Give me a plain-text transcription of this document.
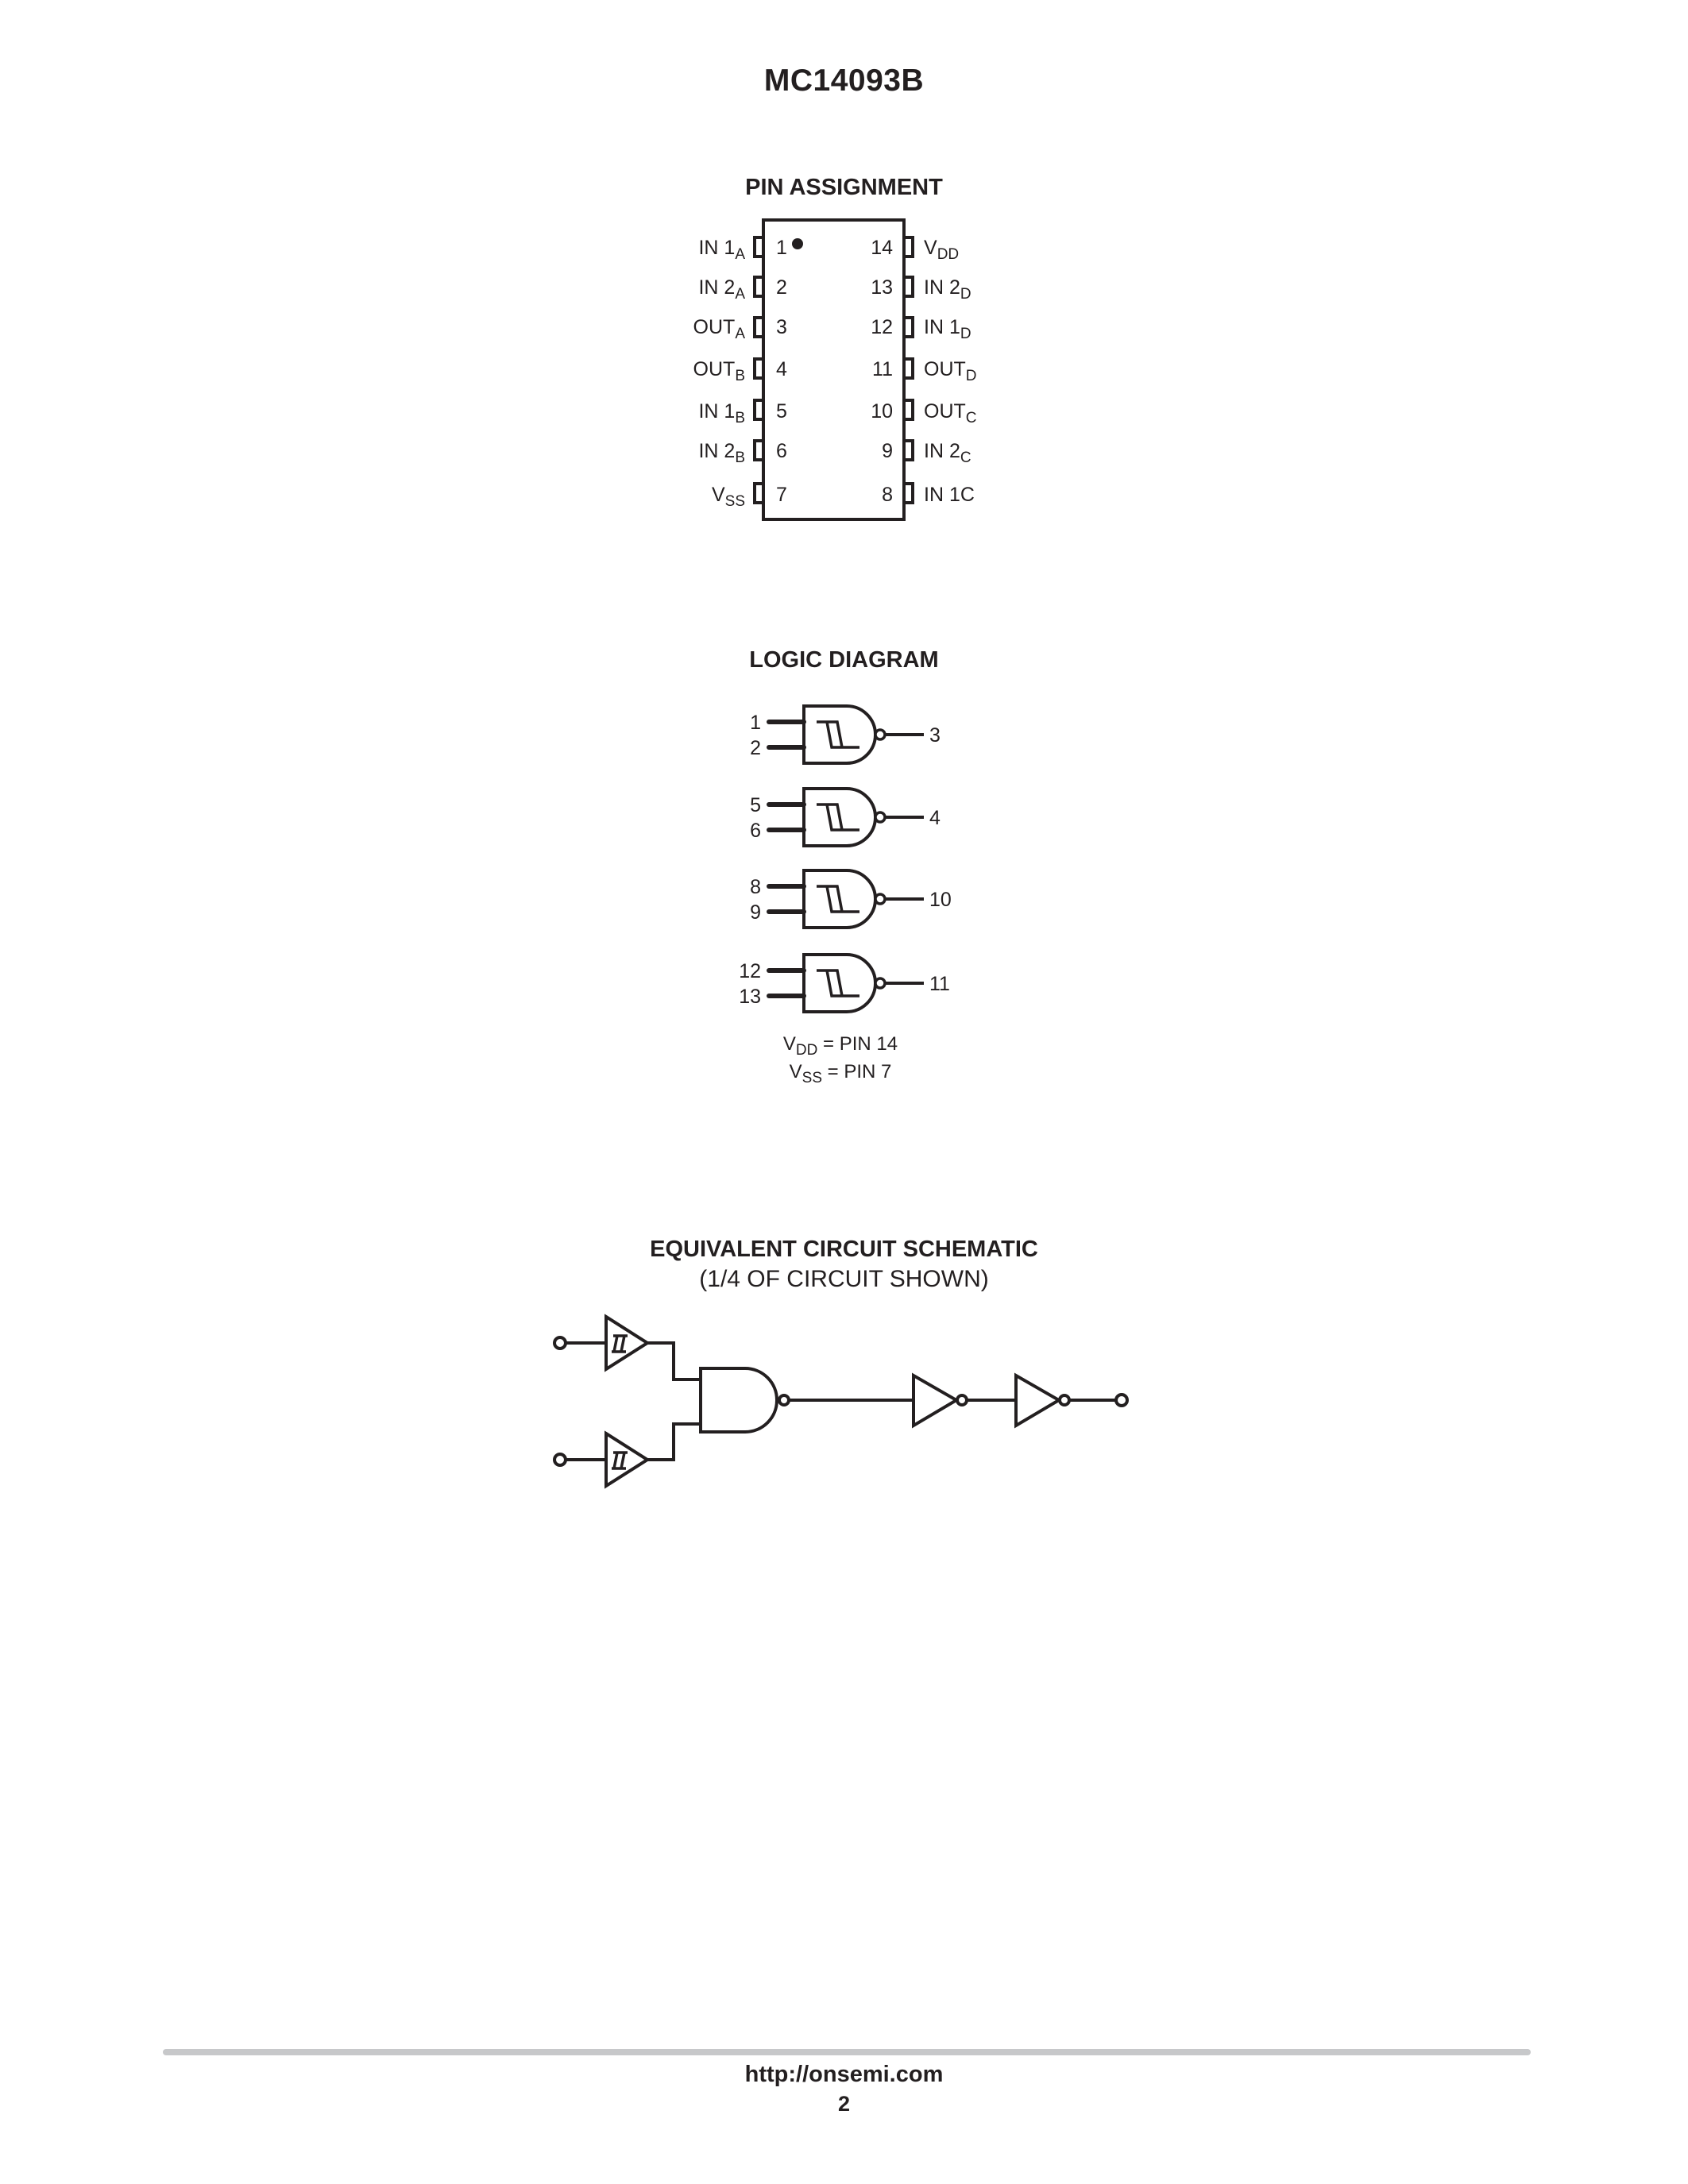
MC14093B
PIN ASSIGNMENT
IN $1_A$
IN $2_A$
$OUT_A$
$OUT_B$
IN $1_B$
IN $2_B$
$V_{SS}$
1
2
3
4
5
6
7
14
13
12
11
10
9
8
$V_{DD}$
IN $2_D$
IN $1_D$
$OUT_D$
$OUT_C$
IN $2_C$
IN 1C
LOGIC DIAGRAM
1
2
3
5
6
4
8
9
10
12
13
11
$V_{DD}$ = PIN 14
$V_{SS}$ = PIN 7
EQUIVALENT CIRCUIT SCHEMATIC
(1/4 OF CIRCUIT SHOWN)
http://onsemi.com
2
